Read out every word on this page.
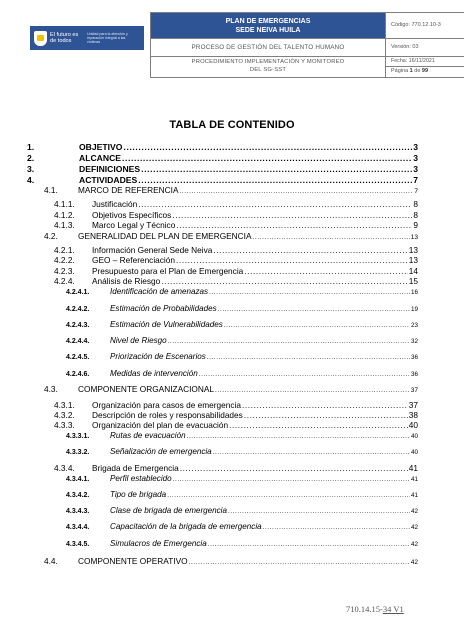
El futuro es de todos
Unidad para la atención y reparación integral a las víctimas
PLAN DE EMERGENCIAS
SEDE NEIVA HUILA
Código: 770.12.10-3
PROCESO DE GESTIÓN DEL TALENTO HUMANO	Versión: 03
PROCEDIMIENTO IMPLEMENTACIÓN Y MONITOREO
DEL SG-SST
Fecha: 16/11/2021
Página 1 de 99
TABLA DE CONTENIDO
1.	OBJETIVO .....	3
2.	ALCANCE .....	3
3.	DEFINICIONES .....	3
4.	ACTIVIDADES .....	7
4.1.	MARCO DE REFERENCIA .....	7
4.1.1.	Justificación .....	8
4.1.2.	Objetivos Específicos .....	8
4.1.3.	Marco Legal y Técnico .....	9
4.2.	GENERALIDAD DEL PLAN DE EMERGENCIA .....	13
4.2.1.	Información General Sede Neiva .....	13
4.2.2.	GEO – Referenciación .....	13
4.2.3.	Presupuesto para el Plan de Emergencia .....	14
4.2.4.	Análisis de Riesgo .....	15
4.2.4.1.	Identificación de amenazas .....	16
4.2.4.2.	Estimación de Probabilidades .....	19
4.2.4.3.	Estimación de Vulnerabilidades .....	23
4.2.4.4.	Nivel de Riesgo .....	32
4.2.4.5.	Priorización de Escenarios .....	36
4.2.4.6.	Medidas de intervención .....	36
4.3.	COMPONENTE ORGANIZACIONAL .....	37
4.3.1.	Organización para casos de emergencia .....	37
4.3.2.	Descripción de roles y responsabilidades .....	38
4.3.3.	Organización del plan de evacuación .....	40
4.3.3.1.	Rutas de evacuación .....	40
4.3.3.2.	Señalización de emergencia .....	40
4.3.4.	Brigada de Emergencia .....	41
4.3.4.1.	Perfil establecido .....	41
4.3.4.2.	Tipo de brigada .....	41
4.3.4.3.	Clase de brigada de emergencia .....	42
4.3.4.4.	Capacitación de la brigada de emergencia .....	42
4.3.4.5.	Simulacros de Emergencia .....	42
4.4.	COMPONENTE OPERATIVO .....	42
710.14.15-34 V1
